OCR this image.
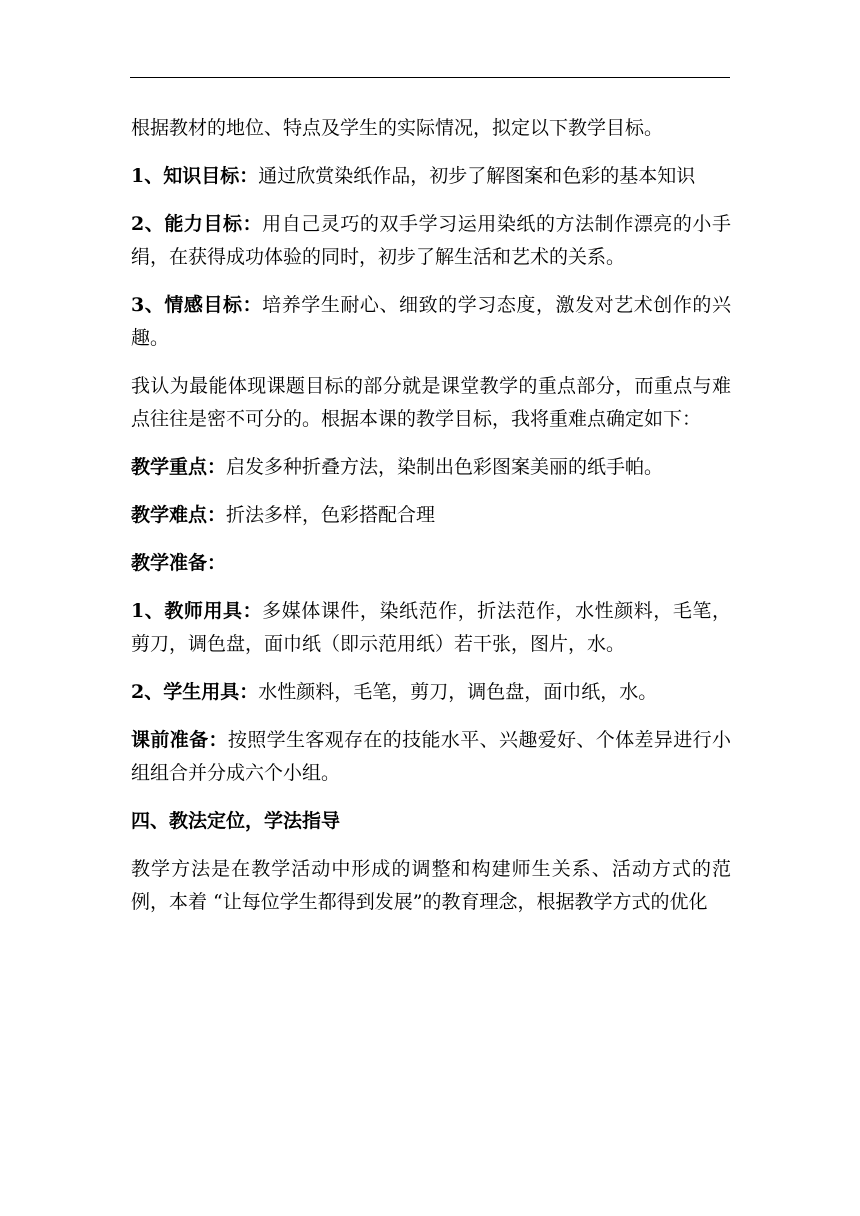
根据教材的地位、特点及学生的实际情况，拟定以下教学目标。

1、知识目标：通过欣赏染纸作品，初步了解图案和色彩的基本知识

2、能力目标：用自己灵巧的双手学习运用染纸的方法制作漂亮的小手绢，在获得成功体验的同时，初步了解生活和艺术的关系。

3、情感目标：培养学生耐心、细致的学习态度，激发对艺术创作的兴趣。

我认为最能体现课题目标的部分就是课堂教学的重点部分，而重点与难点往往是密不可分的。根据本课的教学目标，我将重难点确定如下：

教学重点：启发多种折叠方法，染制出色彩图案美丽的纸手帕。

教学难点：折法多样，色彩搭配合理

教学准备：

1、教师用具：多媒体课件，染纸范作，折法范作，水性颜料，毛笔，剪刀，调色盘，面巾纸（即示范用纸）若干张，图片，水。

2、学生用具：水性颜料，毛笔，剪刀，调色盘，面巾纸，水。

课前准备：按照学生客观存在的技能水平、兴趣爱好、个体差异进行小组组合并分成六个小组。

四、教法定位，学法指导

教学方法是在教学活动中形成的调整和构建师生关系、活动方式的范例，本着 “让每位学生都得到发展”的教育理念，根据教学方式的优化
